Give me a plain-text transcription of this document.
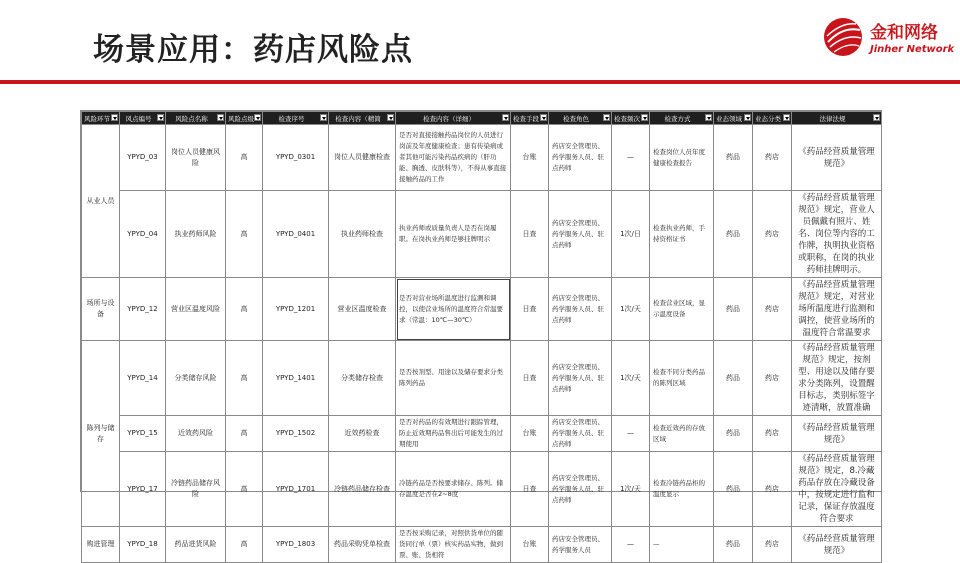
场景应用：药店风险点	金和网络
Jinher Network
风险环节	风点编号	风险点名称	风险点级	检查序号	检查内容（精简	检查内容（详细）	检查手段	检查角色	检查频次	检查方式	业态领域	业态分类	法律法规

从业人员	YPYD_03	岗位人员健康风险	高	YPYD_0301	岗位人员健康检查	是否对直接接触药品岗位的人员进行岗前及年度健康检查；患有传染病或者其他可能污染药品疾病的（肝功能、胸透、皮肤科等），不得从事直接接触药品的工作	台账	药店安全管理员、药学服务人员、驻点药师	—	检查岗位人员年度健康检查报告	药品	药店	《药品经营质量管理规范》
	YPYD_04	执业药师风险	高	YPYD_0401	执业药师检查	执业药师或质量负责人是否在岗履职。在岗执业药师是够挂牌明示	日查	药店安全管理员、药学服务人员、驻点药师	1次/日	检查执业药师，手持资格证书	药品	药店	《药品经营质量管理规范》规定，营业人员佩戴有照片、姓名、岗位等内容的工作牌，执明执业资格或职称，在岗的执业药师挂牌明示。
场所与设备	YPYD_12	营业区温度风险	高	YPYD_1201	营业区温度检查	是否对营业场所温度进行监测和调控，以使营业场所的温度符合常温要求（常温：10℃—30℃）	日查	药店安全管理员、药学服务人员、驻点药师	1次/天	检查营业区域，显示温度设备	药品	药店	《药品经营质量管理规范》规定，对营业场所温度进行监测和调控，使营业场所的温度符合常温要求
陈列与储存	YPYD_14	分类储存风险	高	YPYD_1401	分类储存检查	是否按剂型、用途以及储存要求分类陈列药品	日查	药店安全管理员、药学服务人员、驻点药师	1次/天	检查不同分类药品的陈列区域	药品	药店	《药品经营质量管理规范》规定，按剂型、用途以及储存要求分类陈列，设置醒目标志，类别标签字迹清晰，放置准确
	YPYD_15	近效药风险	高	YPYD_1502	近效药检查	是否对药品的有效期进行跟踪管理，防止近效期药品售出后可能发生的过期使用	台账	药店安全管理员、药学服务人员、驻点药师	—	检查近效药的存放区域	药品	药店	《药品经营质量管理规范》
	YPYD_17	冷链药品储存风险	高	YPYD_1701	冷链药品储存检查	冷链药品是否按要求储存、陈列。储存温度是否在2~8度	日查	药店安全管理员、药学服务人员、驻点药师	1次/天	检查冷链药品柜的温度显示	药品	药店	《药品经营质量管理规范》规定，8.冷藏药品存放在冷藏设备中，按规定进行监和记录，保证存放温度符合要求
购进管理	YPYD_18	药品进货风险	高	YPYD_1803	药品采购凭单检查	是否按采购记录，对照供货单位的随货同行单（票）核实药品实物，做到票、账、货相符	台账	药店安全管理员、药学服务人员	—	—	药品	药店	《药品经营质量管理规范》
